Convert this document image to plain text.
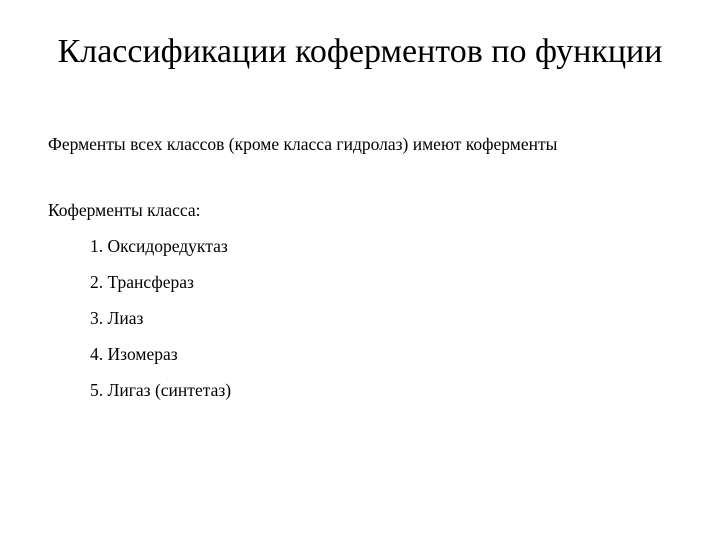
Классификации коферментов по функции
Ферменты всех классов (кроме класса гидролаз) имеют коферменты
Коферменты класса:
1. Оксидоредуктаз
2. Трансфераз
3. Лиаз
4. Изомераз
5. Лигаз (синтетаз)
